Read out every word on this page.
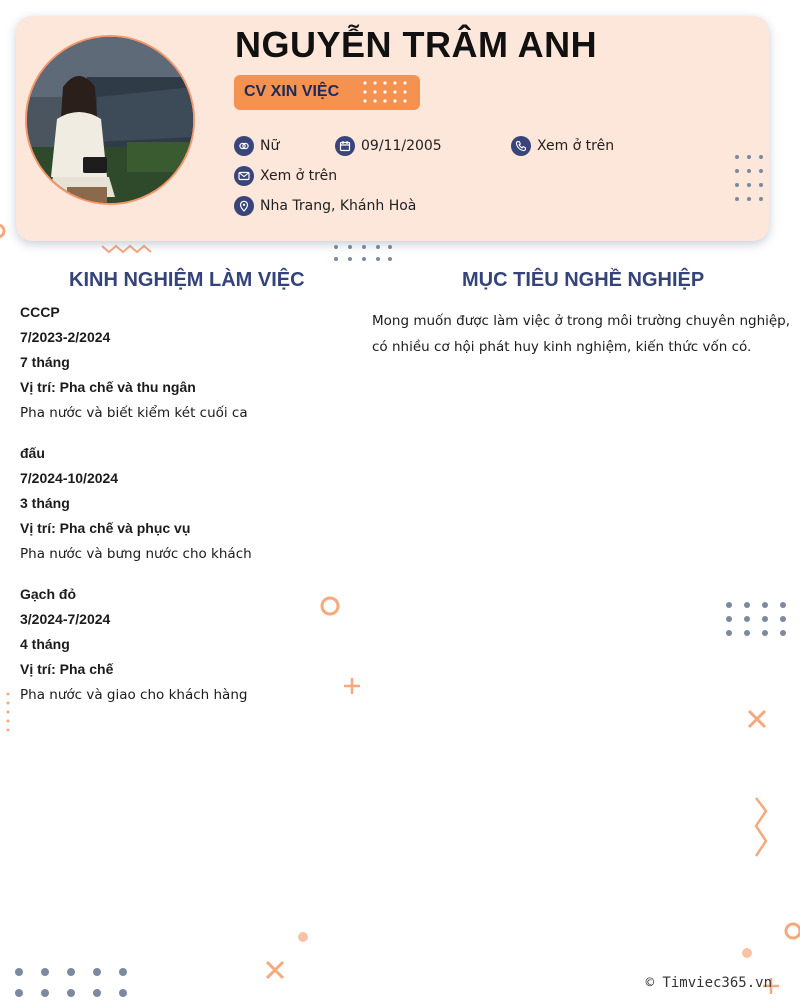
NGUYỄN TRÂM ANH
CV XIN VIỆC
Nữ	09/11/2005	Xem ở trên
Xem ở trên
Nha Trang, Khánh Hoà
KINH NGHIỆM LÀM VIỆC	MỤC TIÊU NGHỀ NGHIỆP
CCCP
7/2023-2/2024
7 tháng
Vị trí: Pha chế và thu ngân
Pha nước và biết kiểm két cuối ca
đấu
7/2024-10/2024
3 tháng
Vị trí: Pha chế và phục vụ
Pha nước và bưng nước cho khách
Gạch đỏ
3/2024-7/2024
4 tháng
Vị trí: Pha chế
Pha nước và giao cho khách hàng

Mong muốn được làm việc ở trong môi trường chuyên nghiệp, có nhiều cơ hội phát huy kinh nghiệm, kiến thức vốn có.

© Timviec365.vn
